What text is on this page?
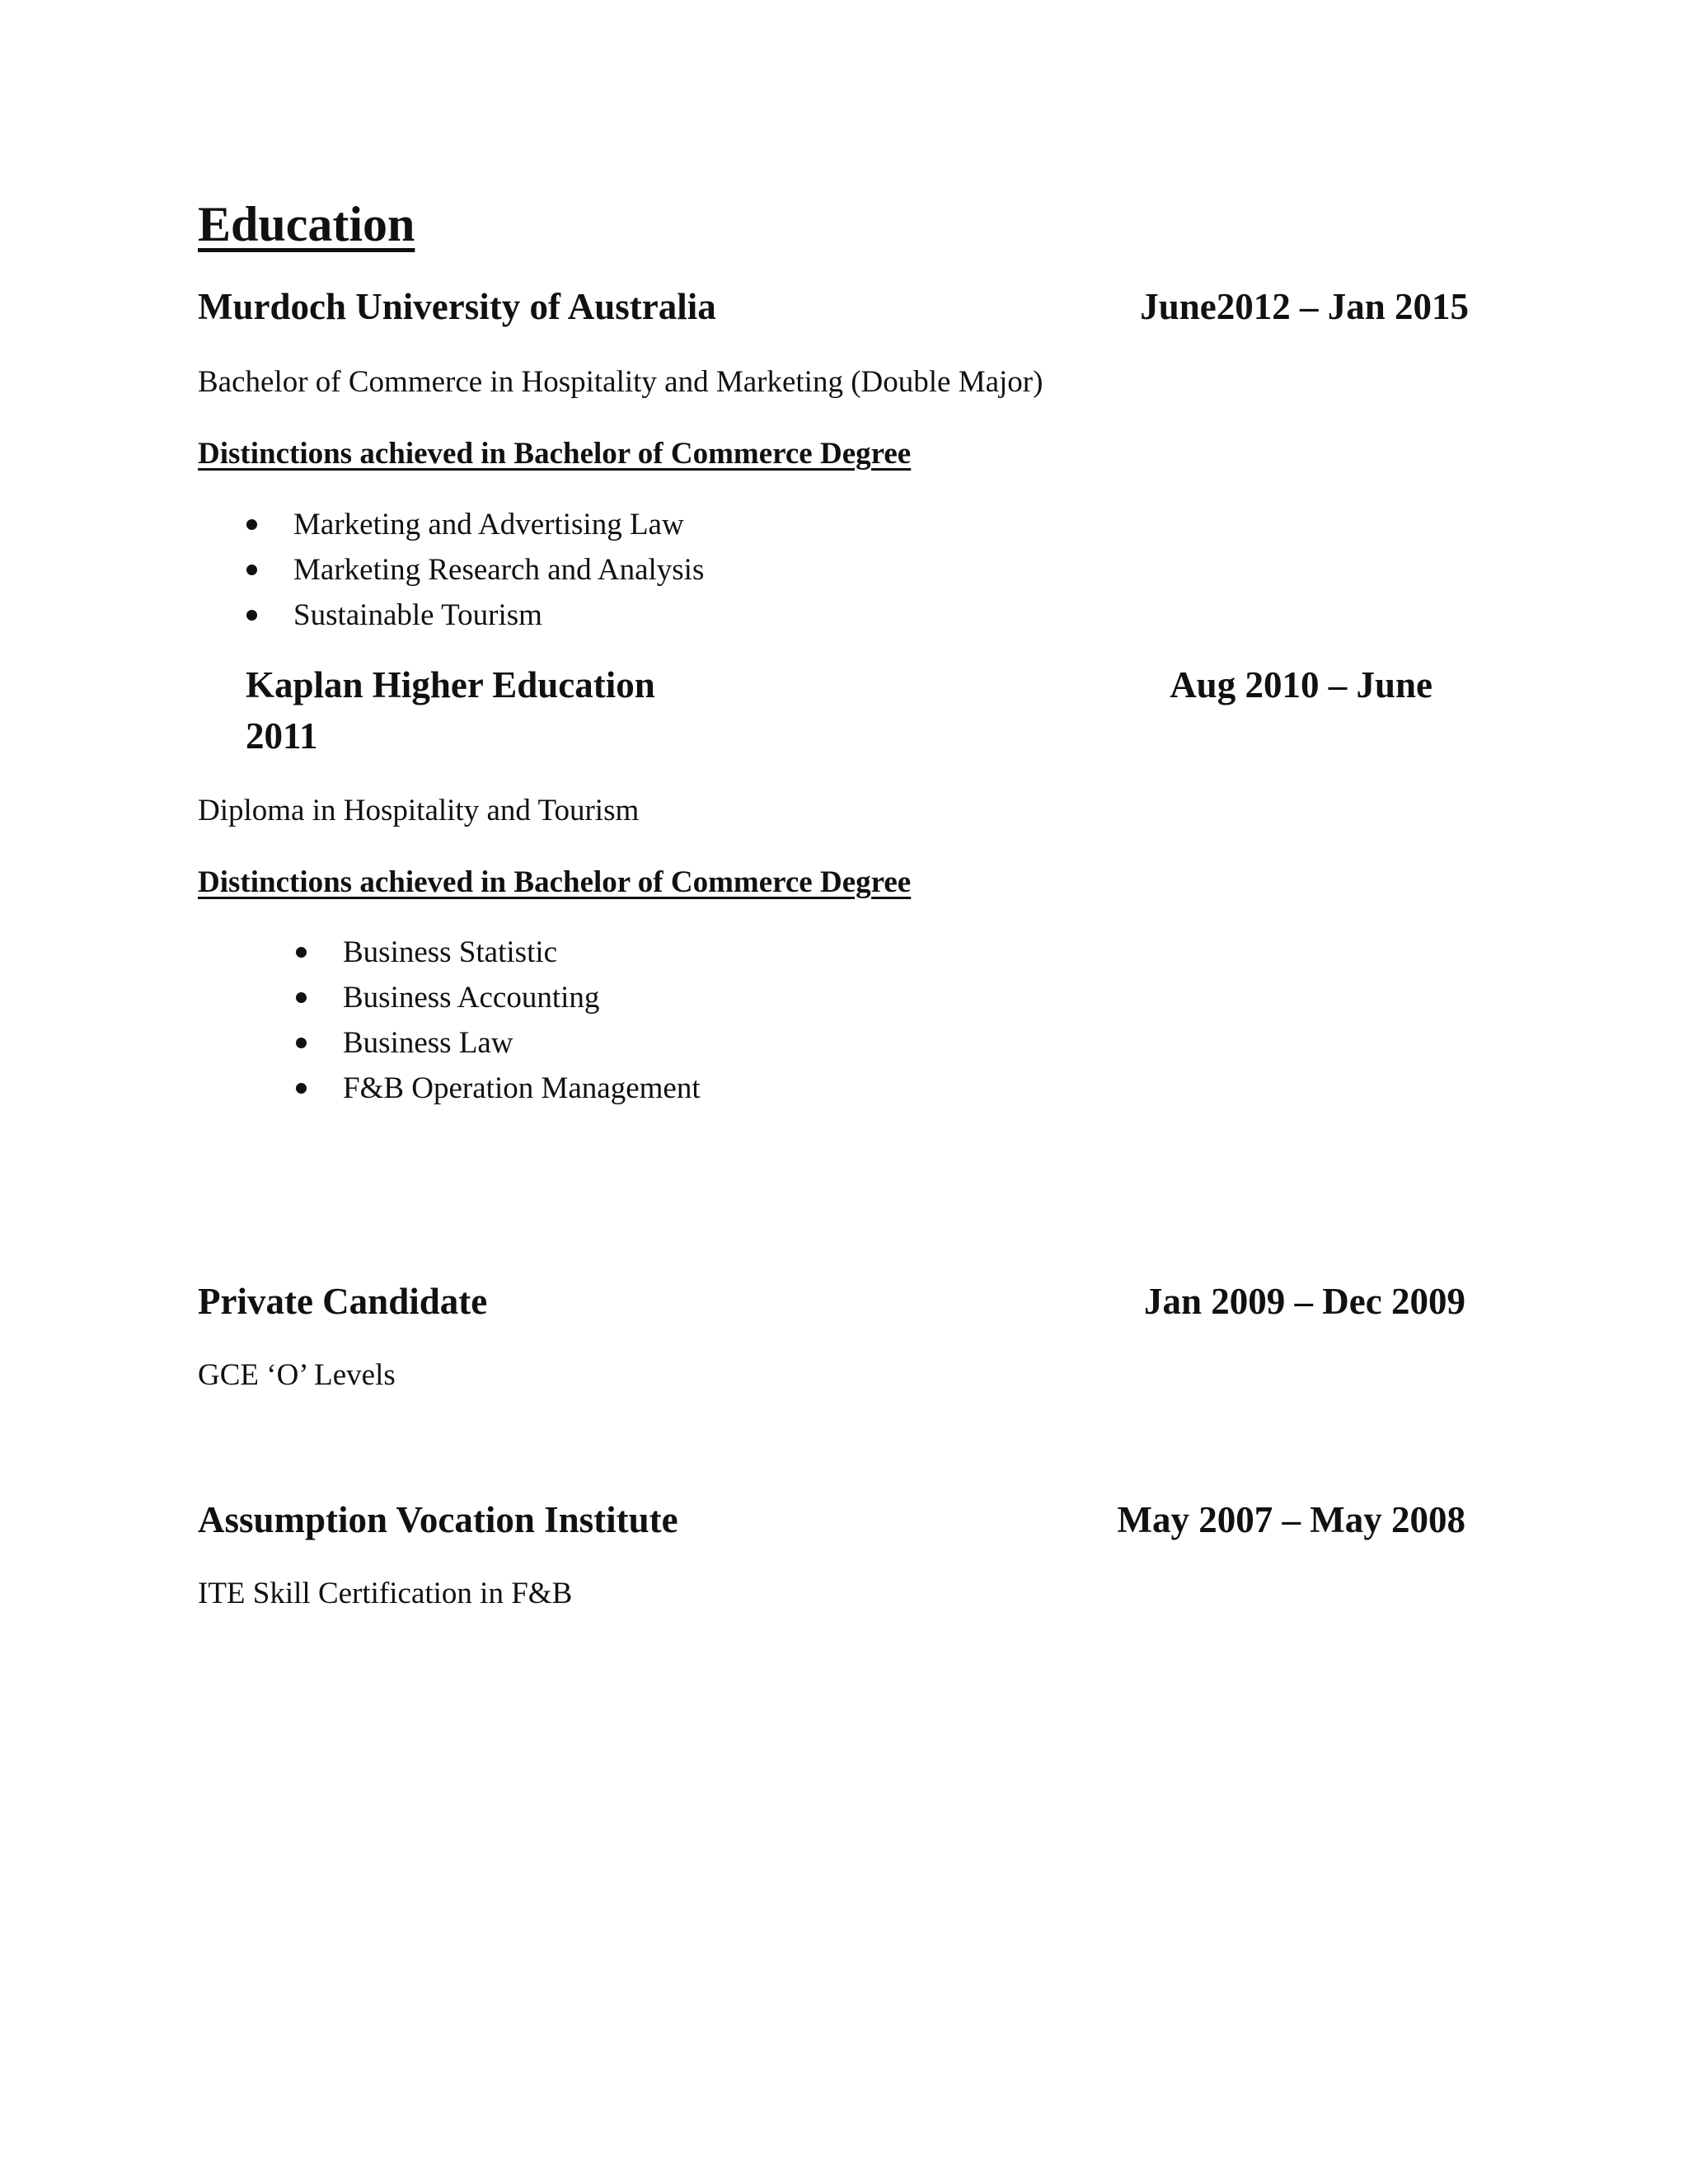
Education
Murdoch University of Australia	June2012 – Jan 2015
Bachelor of Commerce in Hospitality and Marketing (Double Major)
Distinctions achieved in Bachelor of Commerce Degree
Marketing and Advertising Law
Marketing Research and Analysis
Sustainable Tourism
Kaplan Higher Education	Aug 2010 – June
2011
Diploma in Hospitality and Tourism
Distinctions achieved in Bachelor of Commerce Degree
Business Statistic
Business Accounting
Business Law
F&B Operation Management
Private Candidate	Jan 2009 – Dec 2009
GCE ‘O’ Levels
Assumption Vocation Institute	May 2007 – May 2008
ITE Skill Certification in F&B
